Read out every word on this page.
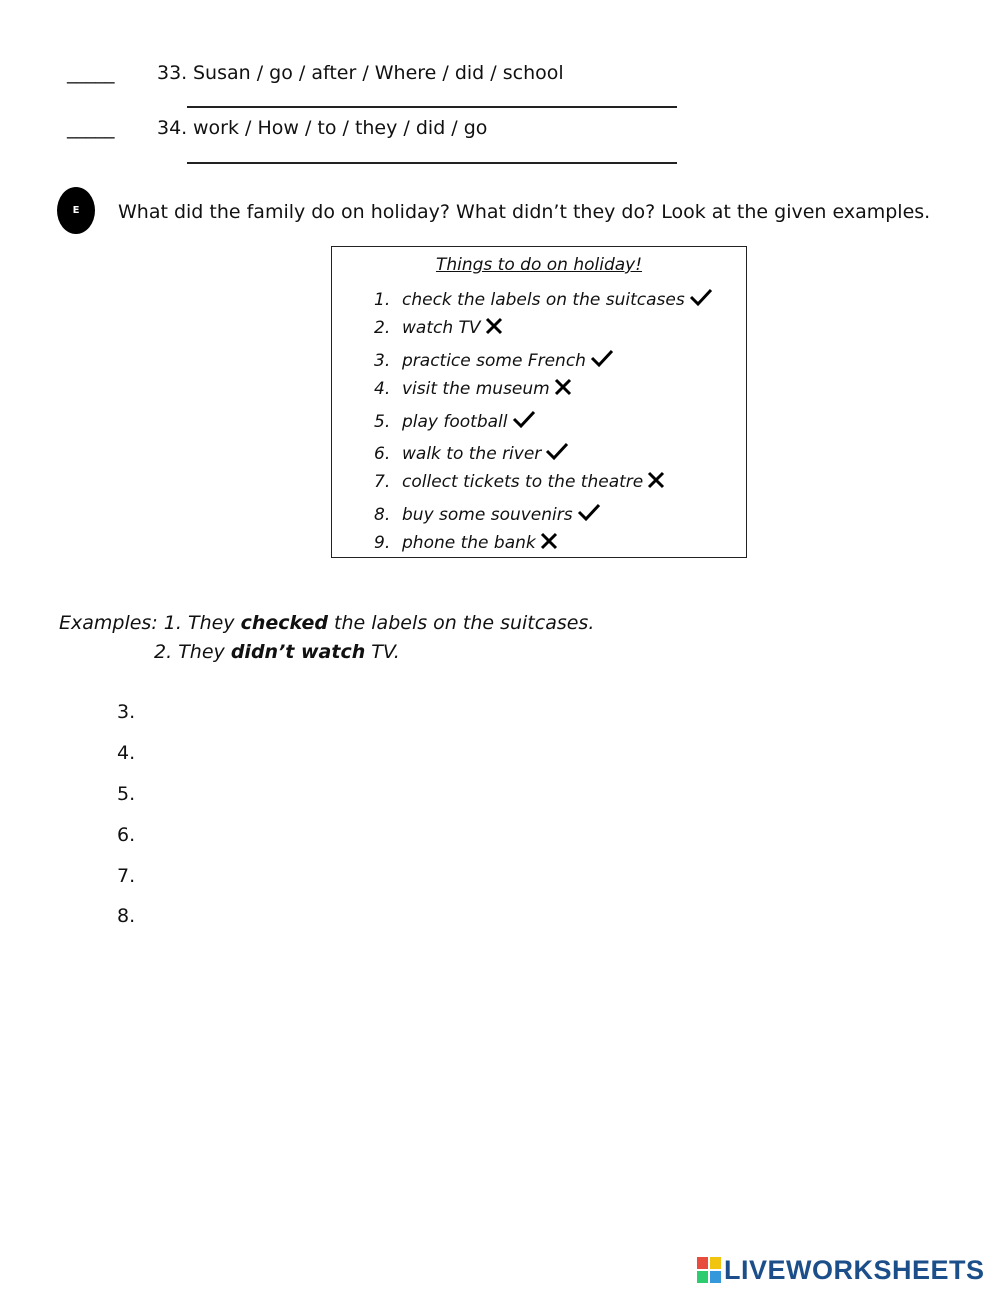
_____ 33. Susan / go / after / Where / did / school
_____ 34. work / How / to / they / did / go
E	What did the family do on holiday? What didn’t they do? Look at the given examples.
Things to do on holiday!
1. check the labels on the suitcases
2. watch TV
3. practice some French
4. visit the museum
5. play football
6. walk to the river
7. collect tickets to the theatre
8. buy some souvenirs
9. phone the bank
Examples: 1. They checked the labels on the suitcases.
2. They didn’t watch TV.
3.
4.
5.
6.
7.
8.
LIVEWORKSHEETS
